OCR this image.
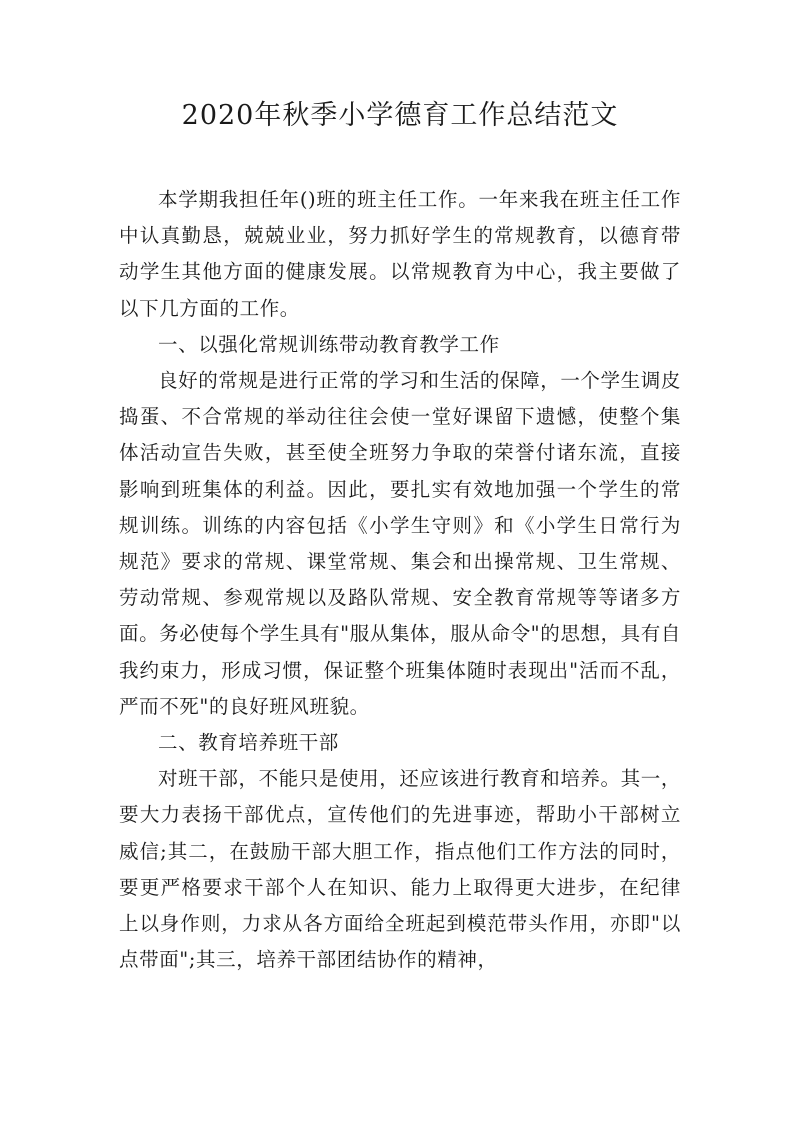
2020年秋季小学德育工作总结范文

本学期我担任年()班的班主任工作。一年来我在班主任工作中认真勤恳，兢兢业业，努力抓好学生的常规教育，以德育带动学生其他方面的健康发展。以常规教育为中心，我主要做了以下几方面的工作。

一、以强化常规训练带动教育教学工作

良好的常规是进行正常的学习和生活的保障，一个学生调皮捣蛋、不合常规的举动往往会使一堂好课留下遗憾，使整个集体活动宣告失败，甚至使全班努力争取的荣誉付诸东流，直接影响到班集体的利益。因此，要扎实有效地加强一个学生的常规训练。训练的内容包括《小学生守则》和《小学生日常行为规范》要求的常规、课堂常规、集会和出操常规、卫生常规、劳动常规、参观常规以及路队常规、安全教育常规等等诸多方面。务必使每个学生具有"服从集体，服从命令"的思想，具有自我约束力，形成习惯，保证整个班集体随时表现出"活而不乱，严而不死"的良好班风班貌。

二、教育培养班干部

对班干部，不能只是使用，还应该进行教育和培养。其一，要大力表扬干部优点，宣传他们的先进事迹，帮助小干部树立威信;其二，在鼓励干部大胆工作，指点他们工作方法的同时，要更严格要求干部个人在知识、能力上取得更大进步，在纪律上以身作则，力求从各方面给全班起到模范带头作用，亦即"以点带面";其三，培养干部团结协作的精神，
